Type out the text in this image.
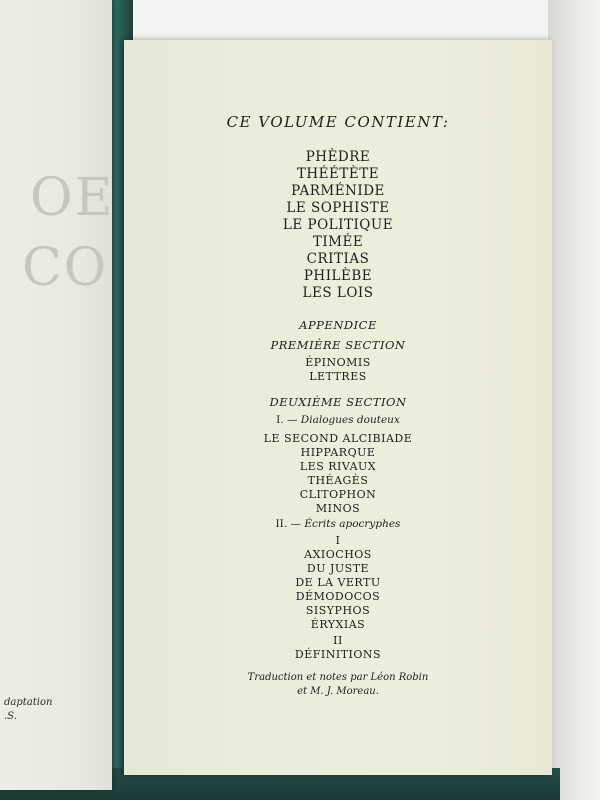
OE
CO
daptation
.S.
CE VOLUME CONTIENT:
PHÈDRE
THÉÉTÈTE
PARMÉNIDE
LE SOPHISTE
LE POLITIQUE
TIMÉE
CRITIAS
PHILÈBE
LES LOIS
APPENDICE
PREMIÈRE SECTION
ÉPINOMIS
LETTRES
DEUXIÈME SECTION
I. — Dialogues douteux
LE SECOND ALCIBIADE
HIPPARQUE
LES RIVAUX
THÉAGÈS
CLITOPHON
MINOS
II. — Écrits apocryphes
I
AXIOCHOS
DU JUSTE
DE LA VERTU
DÉMODOCOS
SISYPHOS
ÉRYXIAS
II
DÉFINITIONS
Traduction et notes par Léon Robin
et M. J. Moreau.
